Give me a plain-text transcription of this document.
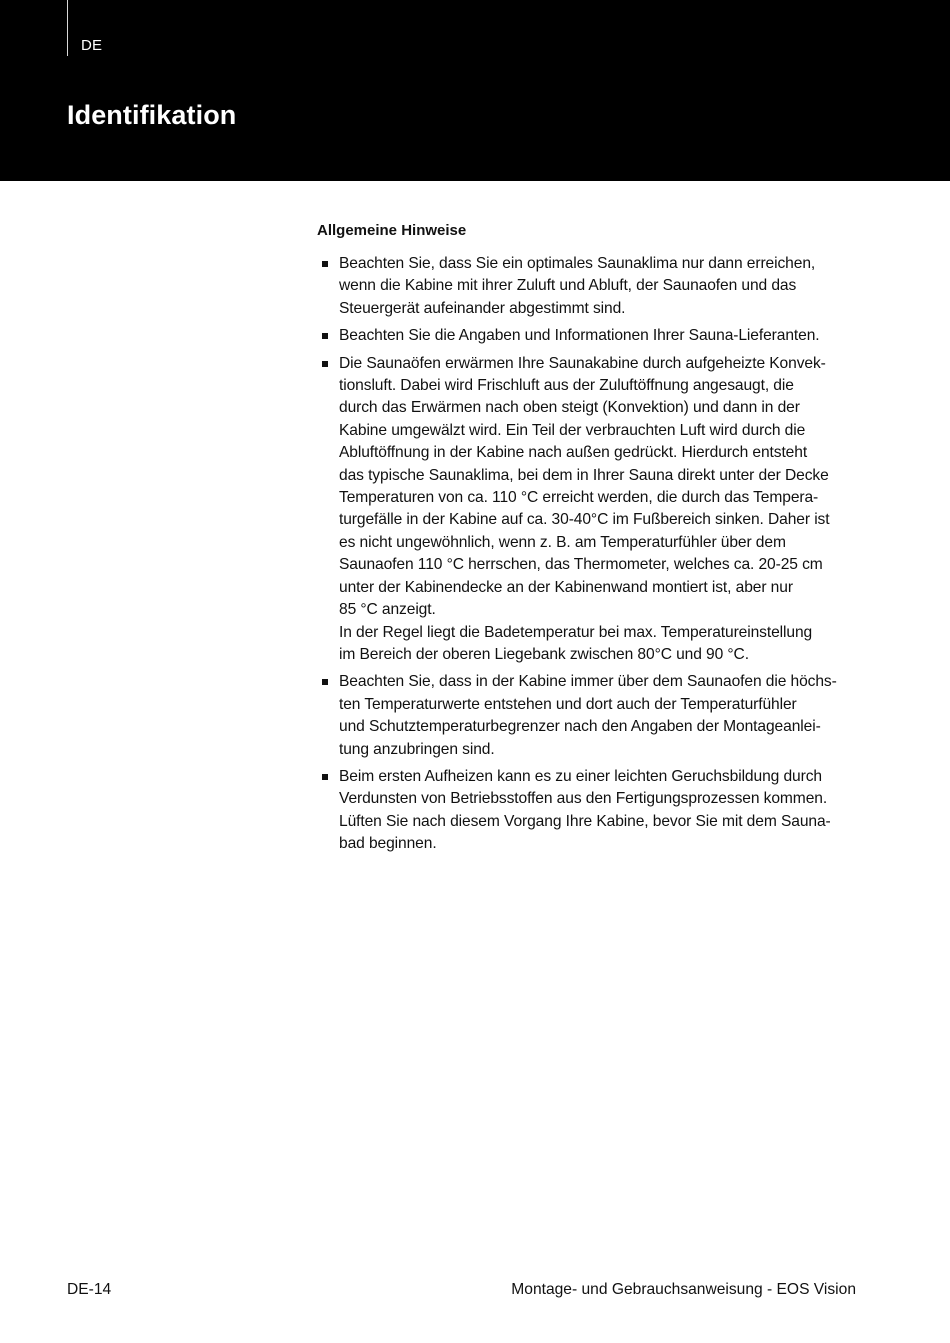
DE
Identifikation
Allgemeine Hinweise
Beachten Sie, dass Sie ein optimales Saunaklima nur dann erreichen,
wenn die Kabine mit ihrer Zuluft und Abluft, der Saunaofen und das
Steuergerät aufeinander abgestimmt sind.
Beachten Sie die Angaben und Informationen Ihrer Sauna-Lieferanten.
Die Saunaöfen erwärmen Ihre Saunakabine durch aufgeheizte Konvek-
tionsluft. Dabei wird Frischluft aus der Zuluftöffnung angesaugt, die
durch das Erwärmen nach oben steigt (Konvektion) und dann in der
Kabine umgewälzt wird. Ein Teil der verbrauchten Luft wird durch die
Abluftöffnung in der Kabine nach außen gedrückt. Hierdurch entsteht
das typische Saunaklima, bei dem in Ihrer Sauna direkt unter der Decke
Temperaturen von ca. 110 °C erreicht werden, die durch das Tempera-
turgefälle in der Kabine auf ca. 30-40°C im Fußbereich sinken. Daher ist
es nicht ungewöhnlich, wenn z. B. am Temperaturfühler über dem
Saunaofen 110 °C herrschen, das Thermometer, welches ca. 20-25 cm
unter der Kabinendecke an der Kabinenwand montiert ist, aber nur
85 °C anzeigt.
In der Regel liegt die Badetemperatur bei max. Temperatureinstellung
im Bereich der oberen Liegebank zwischen 80°C und 90 °C.
Beachten Sie, dass in der Kabine immer über dem Saunaofen die höchs-
ten Temperaturwerte entstehen und dort auch der Temperaturfühler
und Schutztemperaturbegrenzer nach den Angaben der Montageanlei-
tung anzubringen sind.
Beim ersten Aufheizen kann es zu einer leichten Geruchsbildung durch
Verdunsten von Betriebsstoffen aus den Fertigungsprozessen kommen.
Lüften Sie nach diesem Vorgang Ihre Kabine, bevor Sie mit dem Sauna-
bad beginnen.
DE-14	Montage- und Gebrauchsanweisung - EOS Vision
